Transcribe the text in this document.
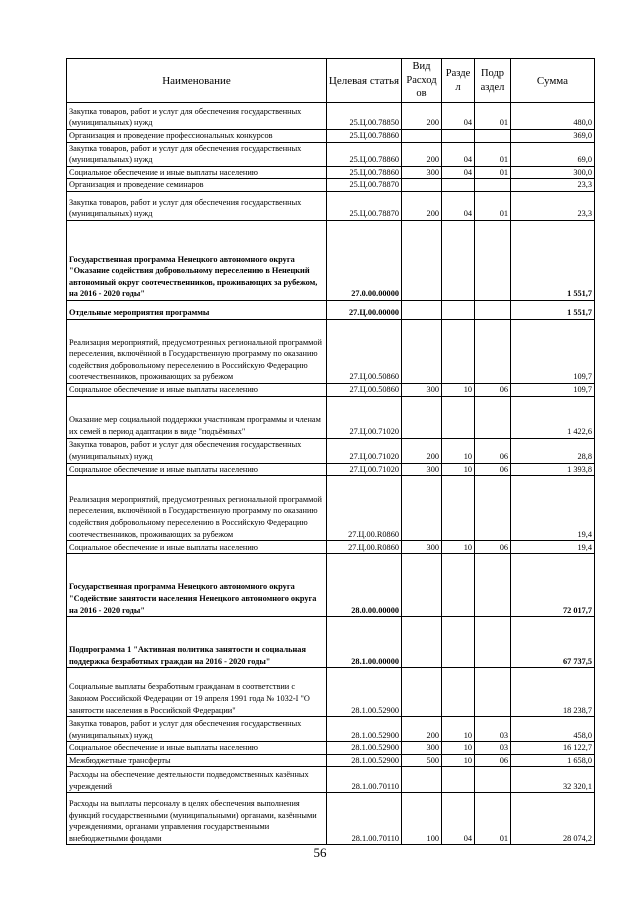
Наименование	Целевая статья	Вид Расход ов	Разде л	Подр аздел	Сумма
Закупка товаров, работ и услуг для обеспечения государственных (муниципальных) нужд	25.Ц.00.78850	200	04	01	480,0
Организация и проведение профессиональных конкурсов	25.Ц.00.78860				369,0
Закупка товаров, работ и услуг для обеспечения государственных (муниципальных) нужд	25.Ц.00.78860	200	04	01	69,0
Социальное обеспечение и иные выплаты населению	25.Ц.00.78860	300	04	01	300,0
Организация и проведение семинаров	25.Ц.00.78870				23,3
Закупка товаров, работ и услуг для обеспечения государственных (муниципальных) нужд	25.Ц.00.78870	200	04	01	23,3
Государственная программа Ненецкого автономного округа "Оказание содействия добровольному переселению в Ненецкий автономный округ соотечественников, проживающих за рубежом, на 2016 - 2020 годы"	27.0.00.00000				1 551,7
Отдельные мероприятия программы	27.Ц.00.00000				1 551,7
Реализация мероприятий, предусмотренных региональной программой переселения, включённой в Государственную программу по оказанию содействия добровольному переселению в Российскую Федерацию соотечественников, проживающих за рубежом	27.Ц.00.50860				109,7
Социальное обеспечение и иные выплаты населению	27.Ц.00.50860	300	10	06	109,7
Оказание мер социальной поддержки участникам программы и членам их семей в период адаптации в виде "подъёмных"	27.Ц.00.71020				1 422,6
Закупка товаров, работ и услуг для обеспечения государственных (муниципальных) нужд	27.Ц.00.71020	200	10	06	28,8
Социальное обеспечение и иные выплаты населению	27.Ц.00.71020	300	10	06	1 393,8
Реализация мероприятий, предусмотренных региональной программой переселения, включённой в Государственную программу по оказанию содействия добровольному переселению в Российскую Федерацию соотечественников, проживающих за рубежом	27.Ц.00.R0860				19,4
Социальное обеспечение и иные выплаты населению	27.Ц.00.R0860	300	10	06	19,4
Государственная программа Ненецкого автономного округа "Содействие занятости населения Ненецкого автономного округа на 2016 - 2020 годы"	28.0.00.00000				72 017,7
Подпрограмма 1 "Активная политика занятости и социальная поддержка безработных граждан на 2016 - 2020 годы"	28.1.00.00000				67 737,5
Социальные выплаты безработным гражданам в соответствии с Законом Российской Федерации от 19 апреля 1991 года № 1032-I "О занятости населения в Российской Федерации"	28.1.00.52900				18 238,7
Закупка товаров, работ и услуг для обеспечения государственных (муниципальных) нужд	28.1.00.52900	200	10	03	458,0
Социальное обеспечение и иные выплаты населению	28.1.00.52900	300	10	03	16 122,7
Межбюджетные трансферты	28.1.00.52900	500	10	06	1 658,0
Расходы на обеспечение деятельности подведомственных казённых учреждений	28.1.00.70110				32 320,1
Расходы на выплаты персоналу в целях обеспечения выполнения функций государственными (муниципальными) органами, казёнными учреждениями, органами управления государственными внебюджетными фондами	28.1.00.70110	100	04	01	28 074,2
56
